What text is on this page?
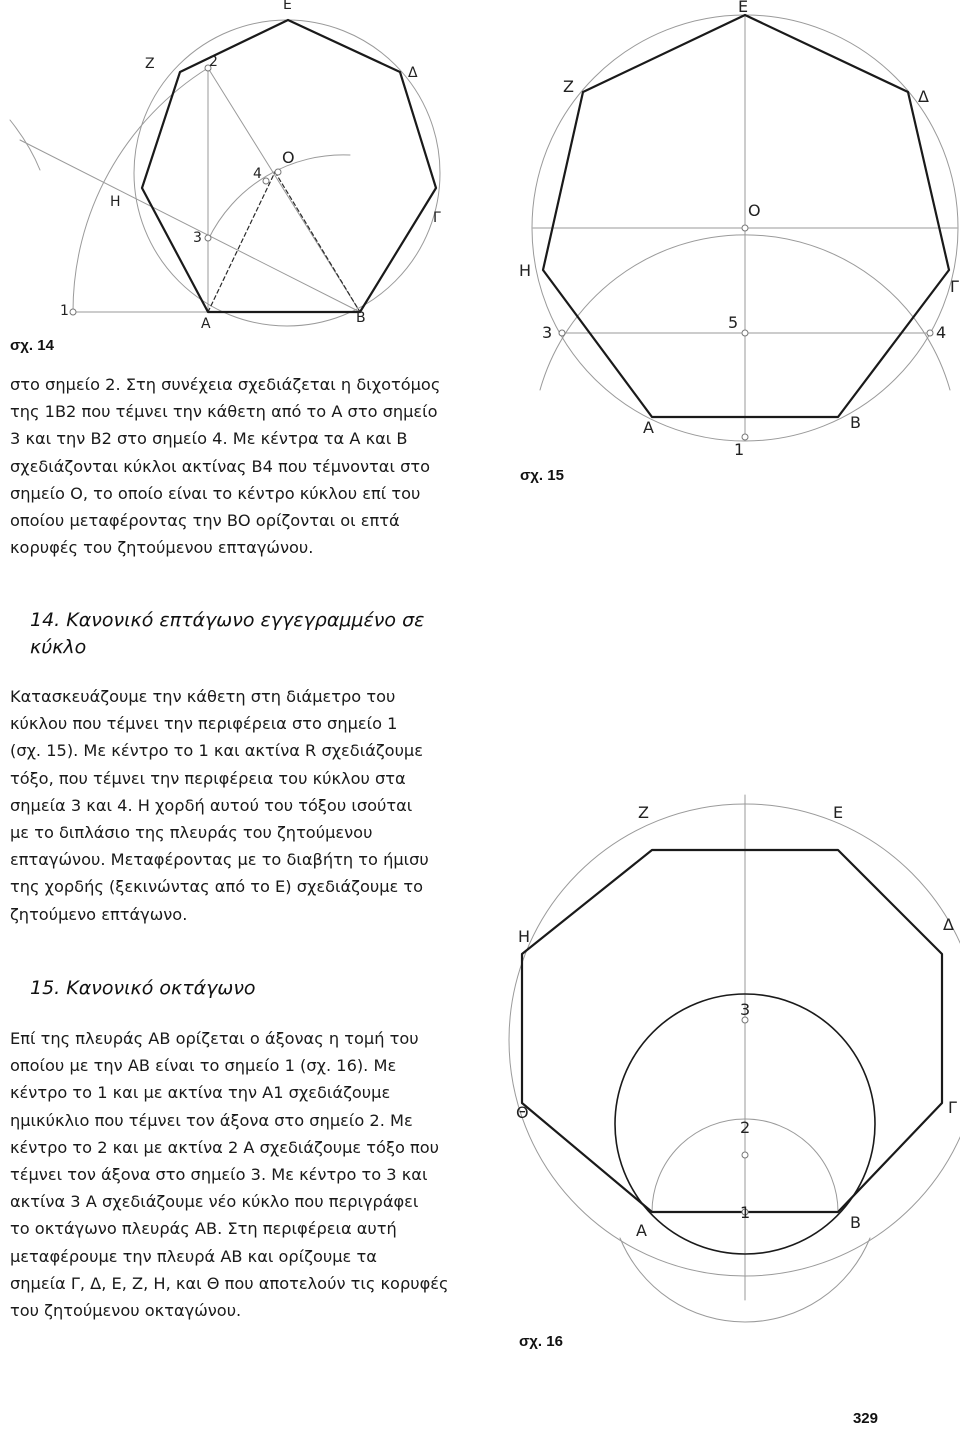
Ε
Ζ	2
Δ
Ο
4
Η
Γ
3
1
Α	Β
Ε
Ζ
Δ
Ο
Η
Γ
3
5
4
Α
1
Β
Ζ	Ε
Η
Δ
3
Θ	Γ
2
1
Α	Β
σχ. 14
σχ. 15
σχ. 16
στο σημείο 2. Στη συνέχεια σχεδιάζεται η διχοτόμος
της 1Β2 που τέμνει την κάθετη από το Α στο σημείο
3 και την Β2 στο σημείο 4. Με κέντρα τα Α και Β
σχεδιάζονται κύκλοι ακτίνας Β4 που τέμνονται στο
σημείο Ο, το οποίο είναι το κέντρο κύκλου επί του
οποίου μεταφέροντας την ΒΟ ορίζονται οι επτά
κορυφές του ζητούμενου επταγώνου.
14. Κανονικό επτάγωνο εγγεγραμμένο σε
κύκλο
Κατασκευάζουμε την κάθετη στη διάμετρο του
κύκλου που τέμνει την περιφέρεια στο σημείο 1
(σχ. 15). Με κέντρο το 1 και ακτίνα R σχεδιάζουμε
τόξο, που τέμνει την περιφέρεια του κύκλου στα
σημεία 3 και 4. Η χορδή αυτού του τόξου ισούται
με το διπλάσιο της πλευράς του ζητούμενου
επταγώνου. Μεταφέροντας με το διαβήτη το ήμισυ
της χορδής (ξεκινώντας από το Ε) σχεδιάζουμε το
ζητούμενο επτάγωνο.
15. Κανονικό οκτάγωνο
Επί της πλευράς ΑΒ ορίζεται ο άξονας η τομή του
οποίου με την ΑΒ είναι το σημείο 1 (σχ. 16). Με
κέντρο το 1 και με ακτίνα την Α1 σχεδιάζουμε
ημικύκλιο που τέμνει τον άξονα στο σημείο 2. Με
κέντρο το 2 και με ακτίνα 2 Α σχεδιάζουμε τόξο που
τέμνει τον άξονα στο σημείο 3. Με κέντρο το 3 και
ακτίνα 3 Α σχεδιάζουμε νέο κύκλο που περιγράφει
το οκτάγωνο πλευράς ΑΒ. Στη περιφέρεια αυτή
μεταφέρουμε την πλευρά ΑΒ και ορίζουμε τα
σημεία Γ, Δ, Ε, Ζ, Η, και Θ που αποτελούν τις κορυφές
του ζητούμενου οκταγώνου.
329
